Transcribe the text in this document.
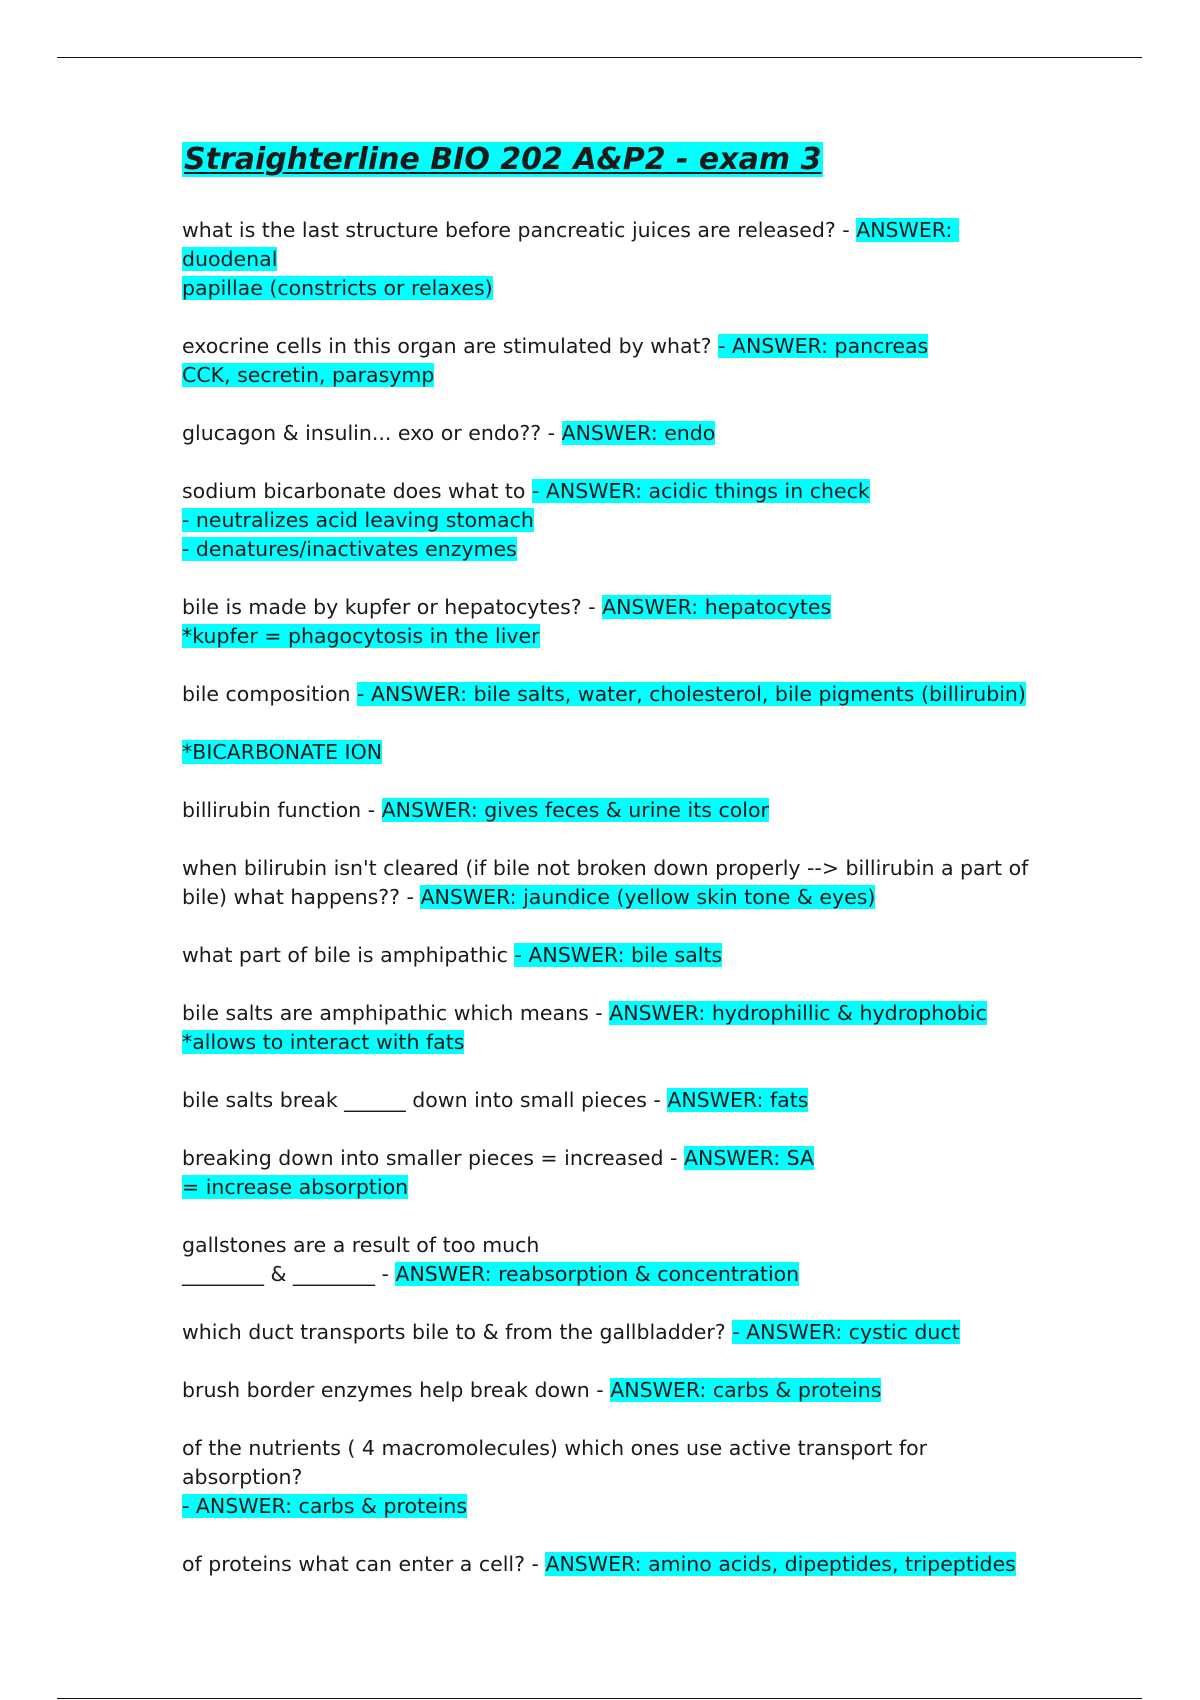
Straighterline BIO 202 A&P2 - exam 3

what is the last structure before pancreatic juices are released? - ANSWER: duodenal
papillae (constricts or relaxes)

exocrine cells in this organ are stimulated by what? - ANSWER: pancreas
CCK, secretin, parasymp

glucagon & insulin... exo or endo?? - ANSWER: endo

sodium bicarbonate does what to - ANSWER: acidic things in check
- neutralizes acid leaving stomach
- denatures/inactivates enzymes

bile is made by kupfer or hepatocytes? - ANSWER: hepatocytes
*kupfer = phagocytosis in the liver

bile composition - ANSWER: bile salts, water, cholesterol, bile pigments (billirubin)

*BICARBONATE ION

billirubin function - ANSWER: gives feces & urine its color

when bilirubin isn't cleared (if bile not broken down properly --> billirubin a part of
bile) what happens?? - ANSWER: jaundice (yellow skin tone & eyes)

what part of bile is amphipathic - ANSWER: bile salts

bile salts are amphipathic which means - ANSWER: hydrophillic & hydrophobic
*allows to interact with fats

bile salts break ______ down into small pieces - ANSWER: fats

breaking down into smaller pieces = increased - ANSWER: SA
= increase absorption

gallstones are a result of too much
________ & ________ - ANSWER: reabsorption & concentration

which duct transports bile to & from the gallbladder? - ANSWER: cystic duct

brush border enzymes help break down - ANSWER: carbs & proteins

of the nutrients ( 4 macromolecules) which ones use active transport for absorption?
- ANSWER: carbs & proteins

of proteins what can enter a cell? - ANSWER: amino acids, dipeptides, tripeptides
